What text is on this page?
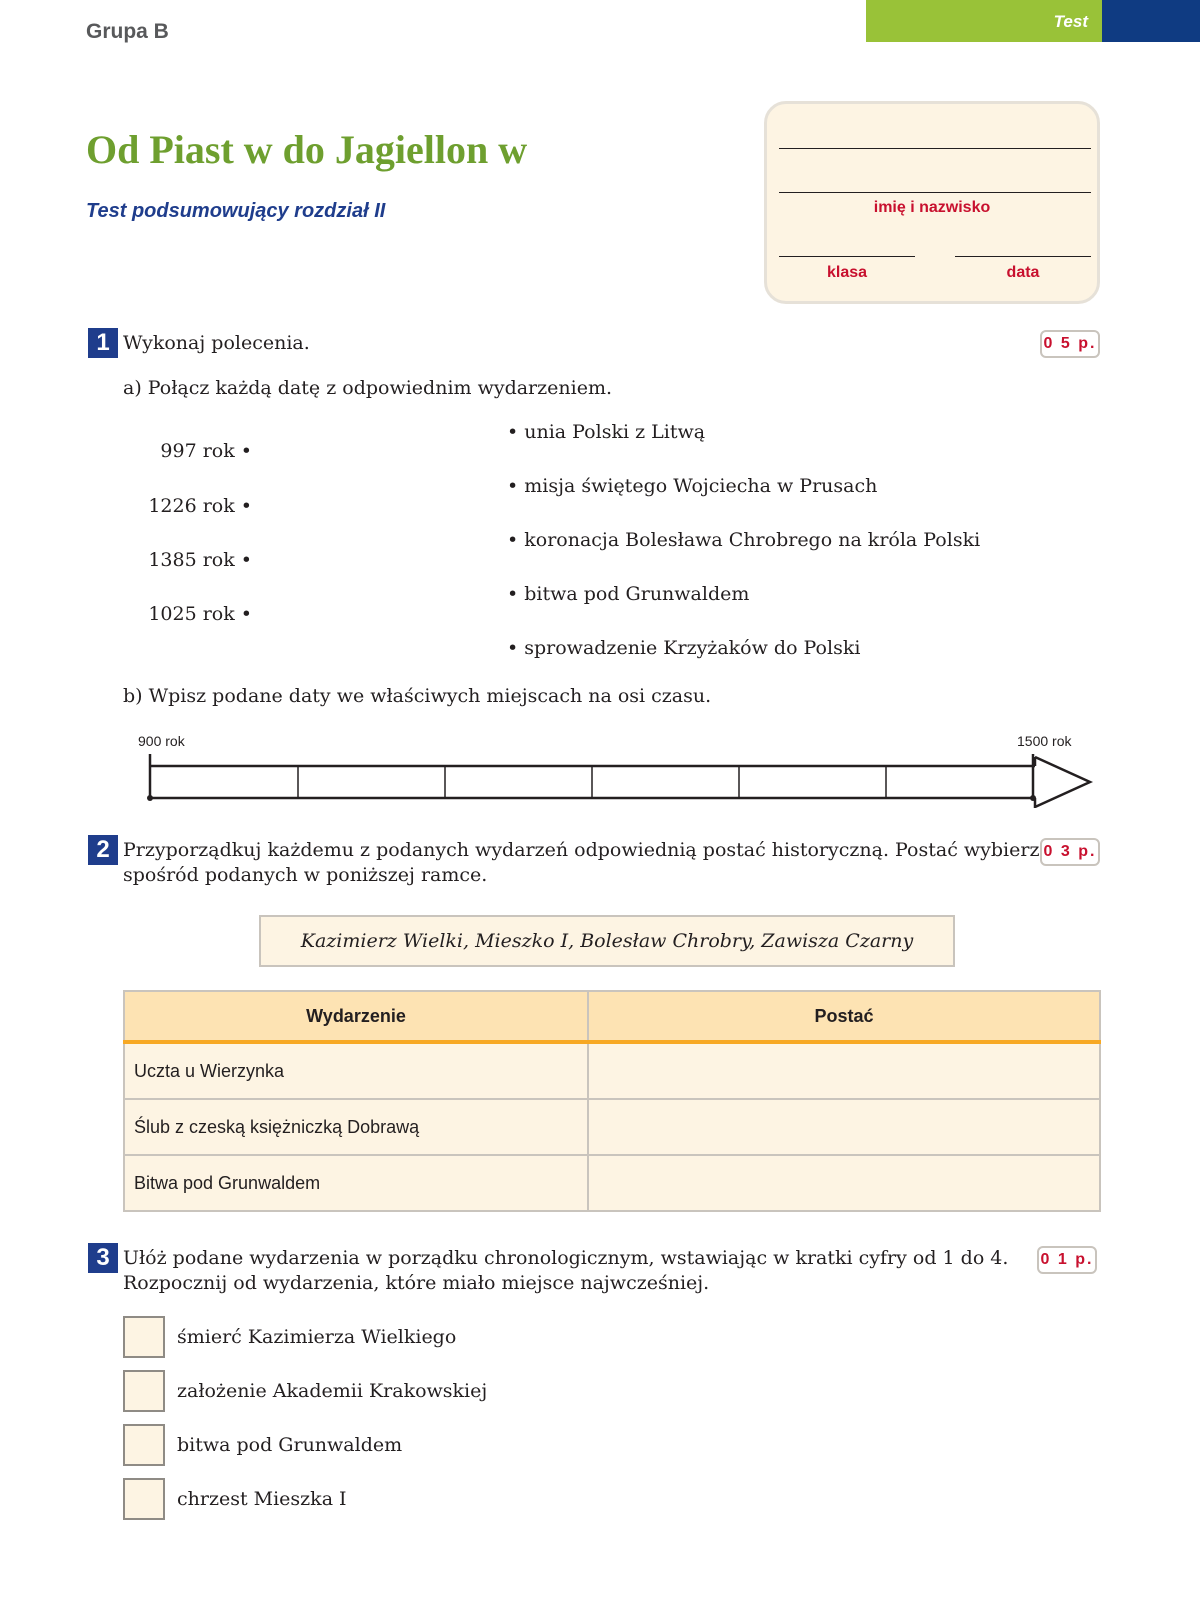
Grupa B	Test
Od Piast w do Jagiellon w
Test podsumowujący rozdział II	imię i nazwisko
klasa	data
1 Wykonaj polecenia.	0 5 p.
a) Połącz każdą datę z odpowiednim wydarzeniem.
997 rok •
1226 rok •
1385 rok •
1025 rok •
• unia Polski z Litwą
• misja świętego Wojciecha w Prusach
• koronacja Bolesława Chrobrego na króla Polski
• bitwa pod Grunwaldem
• sprowadzenie Krzyżaków do Polski
b) Wpisz podane daty we właściwych miejscach na osi czasu.
900 rok	1500 rok
2 Przyporządkuj każdemu z podanych wydarzeń odpowiednią postać historyczną. Postać wybierz
spośród podanych w poniższej ramce.
0 3 p.
Kazimierz Wielki, Mieszko I, Bolesław Chrobry, Zawisza Czarny
Wydarzenie	Postać
Uczta u Wierzynka	
Ślub z czeską księżniczką Dobrawą	
Bitwa pod Grunwaldem	
3 Ułóż podane wydarzenia w porządku chronologicznym, wstawiając w kratki cyfry od 1 do 4.
Rozpocznij od wydarzenia, które miało miejsce najwcześniej.
0 1 p.
śmierć Kazimierza Wielkiego
założenie Akademii Krakowskiej
bitwa pod Grunwaldem
chrzest Mieszka I
